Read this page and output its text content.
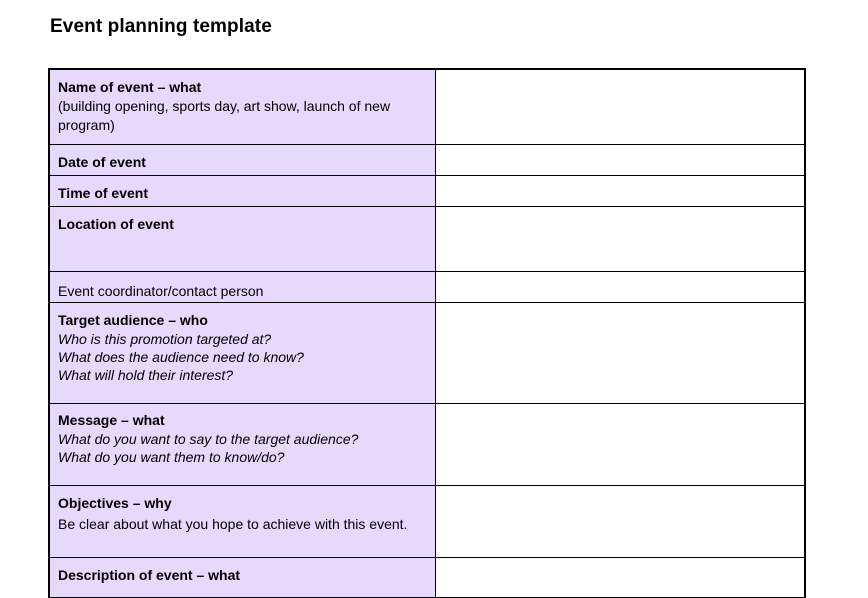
Event planning template
Name of event – what
(building opening, sports day, art show, launch of new program)	

Date of event	

Time of event	

Location of event	

Event coordinator/contact person	

Target audience – who
Who is this promotion targeted at?
What does the audience need to know?
What will hold their interest?	

Message – what
What do you want to say to the target audience?
What do you want them to know/do?	

Objectives – why
Be clear about what you hope to achieve with this event.	

Description of event – what	
